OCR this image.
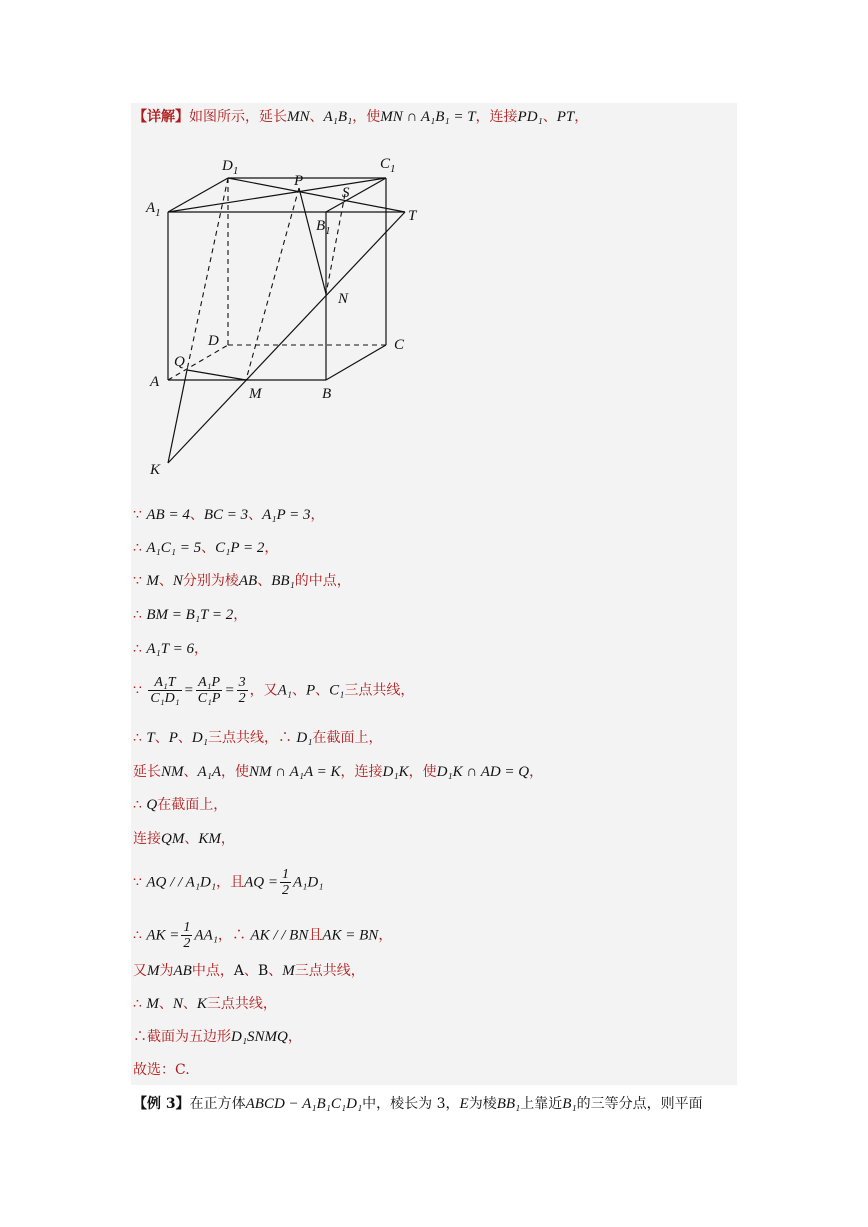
【详解】如图所示，延长MN、A₁B₁，使MN ∩ A₁B₁ = T，连接PD₁、PT，
$D_1$	$C_1$
$A_1$
$B_1$
P
S
T
N
D	C
Q
A
M	B
K
∵ AB = 4、BC = 3、A₁P = 3，
∴ A₁C₁ = 5、C₁P = 2，
∵ M、N分别为棱AB、BB₁的中点，
∴ BM = B₁T = 2，
∴ A₁T = 6，
∵ $\frac{\text{A₁T}}{\text{C₁D₁}} = \frac{\text{A₁P}}{\text{C₁P}} = \frac{3}{2}$ ，又A₁、P、C₁三点共线，
∴ T、P、D₁三点共线，∴ D₁在截面上，
延长NM、A₁A，使NM ∩ A₁A = K，连接D₁K，使D₁K ∩ AD = Q，
∴ Q在截面上，
连接QM、KM，
∵ AQ / / A₁D₁，且AQ = $\frac{1}{2} A_1D_1$
∴ AK = $\frac{1}{2} AA_1$，∴ AK / / BN且AK = BN，
又M为AB中点，A、B、M三点共线，
∴ M、N、K三点共线，
∴截面为五边形D₁SNMQ，
故选：C.
【例 3】在正方体ABCD − A₁B₁C₁D₁中，棱长为 3，E为棱BB₁上靠近B₁的三等分点，则平面
